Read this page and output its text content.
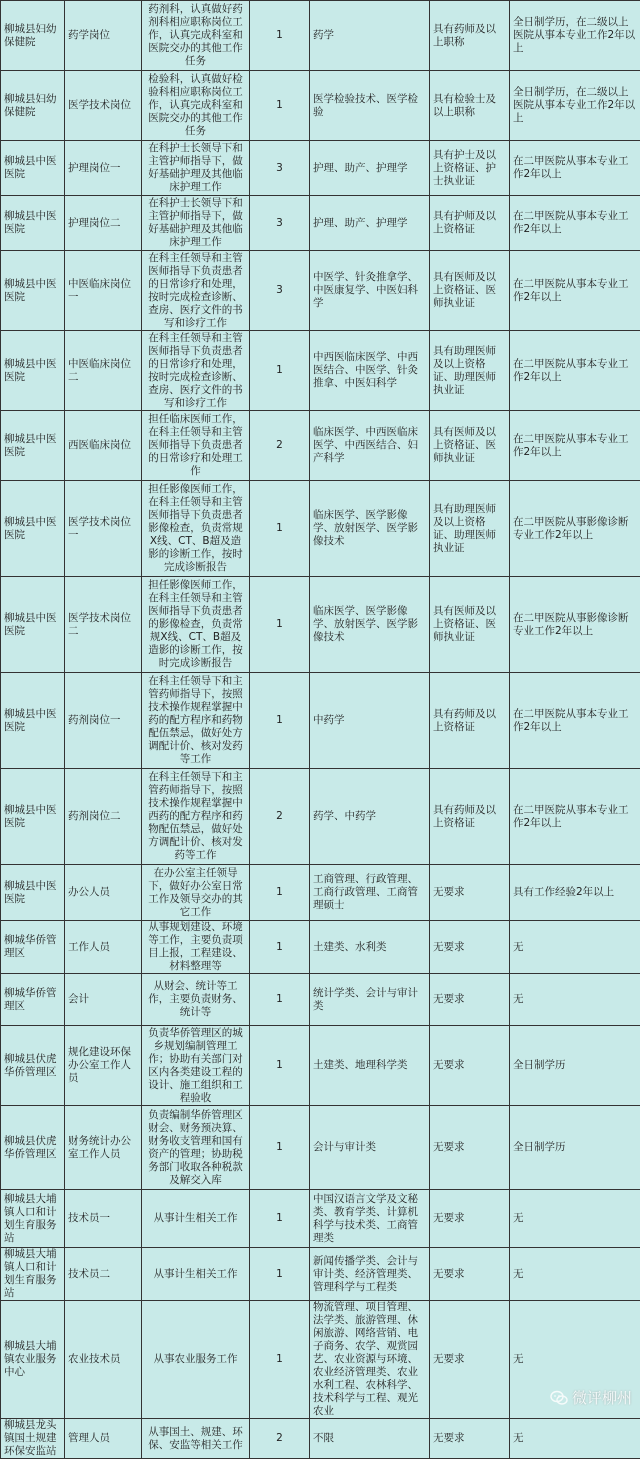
柳城县妇幼保健院	药学岗位	药剂科，认真做好药剂科相应职称岗位工作，认真完成科室和医院交办的其他工作任务	1	药学	具有药师及以上职称	全日制学历，在二级以上医院从事本专业工作2年以上
柳城县妇幼保健院	医学技术岗位	检验科，认真做好检验科相应职称岗位工作，认真完成科室和医院交办的其他工作任务	1	医学检验技术、医学检验	具有检验士及以上职称	全日制学历，在二级以上医院从事本专业工作2年以上
柳城县中医医院	护理岗位一	在科护士长领导下和主管护师指导下，做好基础护理及其他临床护理工作	3	护理、助产、护理学	具有护士及以上资格证、护士执业证	在二甲医院从事本专业工作2年以上
柳城县中医医院	护理岗位二	在科护士长领导下和主管护师指导下，做好基础护理及其他临床护理工作	3	护理、助产、护理学	具有护师及以上资格证	在二甲医院从事本专业工作2年以上
柳城县中医医院	中医临床岗位一	在科主任领导和主管医师指导下负责患者的日常诊疗和处理，按时完成检查诊断、查房、医疗文件的书写和诊疗工作	3	中医学、针灸推拿学、中医康复学、中医妇科学	具有医师及以上资格证、医师执业证	在二甲医院从事本专业工作2年以上
柳城县中医医院	中医临床岗位二	在科主任领导和主管医师指导下负责患者的日常诊疗和处理，按时完成检查诊断、查房、医疗文件的书写和诊疗工作	1	中西医临床医学、中西医结合、中医学、针灸推拿、中医妇科学	具有助理医师及以上资格证、助理医师执业证	在二甲医院从事本专业工作2年以上
柳城县中医医院	西医临床岗位	担任临床医师工作，在科主任领导和主管医师指导下负责患者的日常诊疗和处理工作	2	临床医学、中西医临床医学、中西医结合、妇产科学	具有医师及以上资格证、医师执业证	在二甲医院从事本专业工作2年以上
柳城县中医医院	医学技术岗位一	担任影像医师工作，在科主任领导和主管医师指导下负责患者影像检查，负责常规X线、CT、B超及造影的诊断工作，按时完成诊断报告	1	临床医学、医学影像学、放射医学、医学影像技术	具有助理医师及以上资格证、助理医师执业证	在二甲医院从事影像诊断专业工作2年以上
柳城县中医医院	医学技术岗位二	担任影像医师工作，在科主任领导和主管医师指导下负责患者的影像检查，负责常规X线、CT、B超及造影的诊断工作，按时完成诊断报告	1	临床医学、医学影像学、放射医学、医学影像技术	具有医师及以上资格证、医师执业证	在二甲医院从事影像诊断专业工作2年以上
柳城县中医医院	药剂岗位一	在科主任领导下和主管药师指导下，按照技术操作规程掌握中药的配方程序和药物配伍禁忌，做好处方调配计价、核对发药等工作	1	中药学	具有药师及以上资格证	在二甲医院从事本专业工作2年以上
柳城县中医医院	药剂岗位二	在科主任领导下和主管药师指导下，按照技术操作规程掌握中西药的配方程序和药物配伍禁忌，做好处方调配计价、核对发药等工作	2	药学、中药学	具有药师及以上资格证	在二甲医院从事本专业工作2年以上
柳城县中医医院	办公人员	在办公室主任领导下，做好办公室日常工作及领导交办的其它工作	1	工商管理、行政管理、工商行政管理、工商管理硕士	无要求	具有工作经验2年以上
柳城华侨管理区	工作人员	从事规划建设、环境等工作，主要负责项目上报，工程建设、材料整理等	1	土建类、水利类	无要求	无
柳城华侨管理区	会计	从财会、统计等工作，主要负责财务、统计等	1	统计学类、会计与审计类	无要求	无
柳城县伏虎华侨管理区	规化建设环保办公室工作人员	负责华侨管理区的城乡规划编制管理工作；协助有关部门对区内各类建设工程的设计、施工组织和工程验收	1	土建类、地理科学类	无要求	全日制学历
柳城县伏虎华侨管理区	财务统计办公室工作人员	负责编制华侨管理区财会、财务预决算、财务收支管理和国有资产的管理；协助税务部门收取各种税款及解交入库	1	会计与审计类	无要求	全日制学历
柳城县大埔镇人口和计划生育服务站	技术员一	从事计生相关工作	1	中国汉语言文学及文秘类、教育学类、计算机科学与技术类、工商管理类	无要求	无
柳城县大埔镇人口和计划生育服务站	技术员二	从事计生相关工作	1	新闻传播学类、会计与审计类、经济管理类、管理科学与工程类	无要求	无
柳城县大埔镇农业服务中心	农业技术员	从事农业服务工作	1	物流管理、项目管理、法学类、旅游管理、休闲旅游、网络营销、电子商务、农学、观赏园艺、农业资源与环境、农业经济管理类、农业水利工程、农林科学、技术科学与工程、观光农业	无要求	无
柳城县龙头镇国土规建环保安监站	管理人员	从事国土、规建、环保、安监等相关工作	2	不限	无要求	无
微评柳州
